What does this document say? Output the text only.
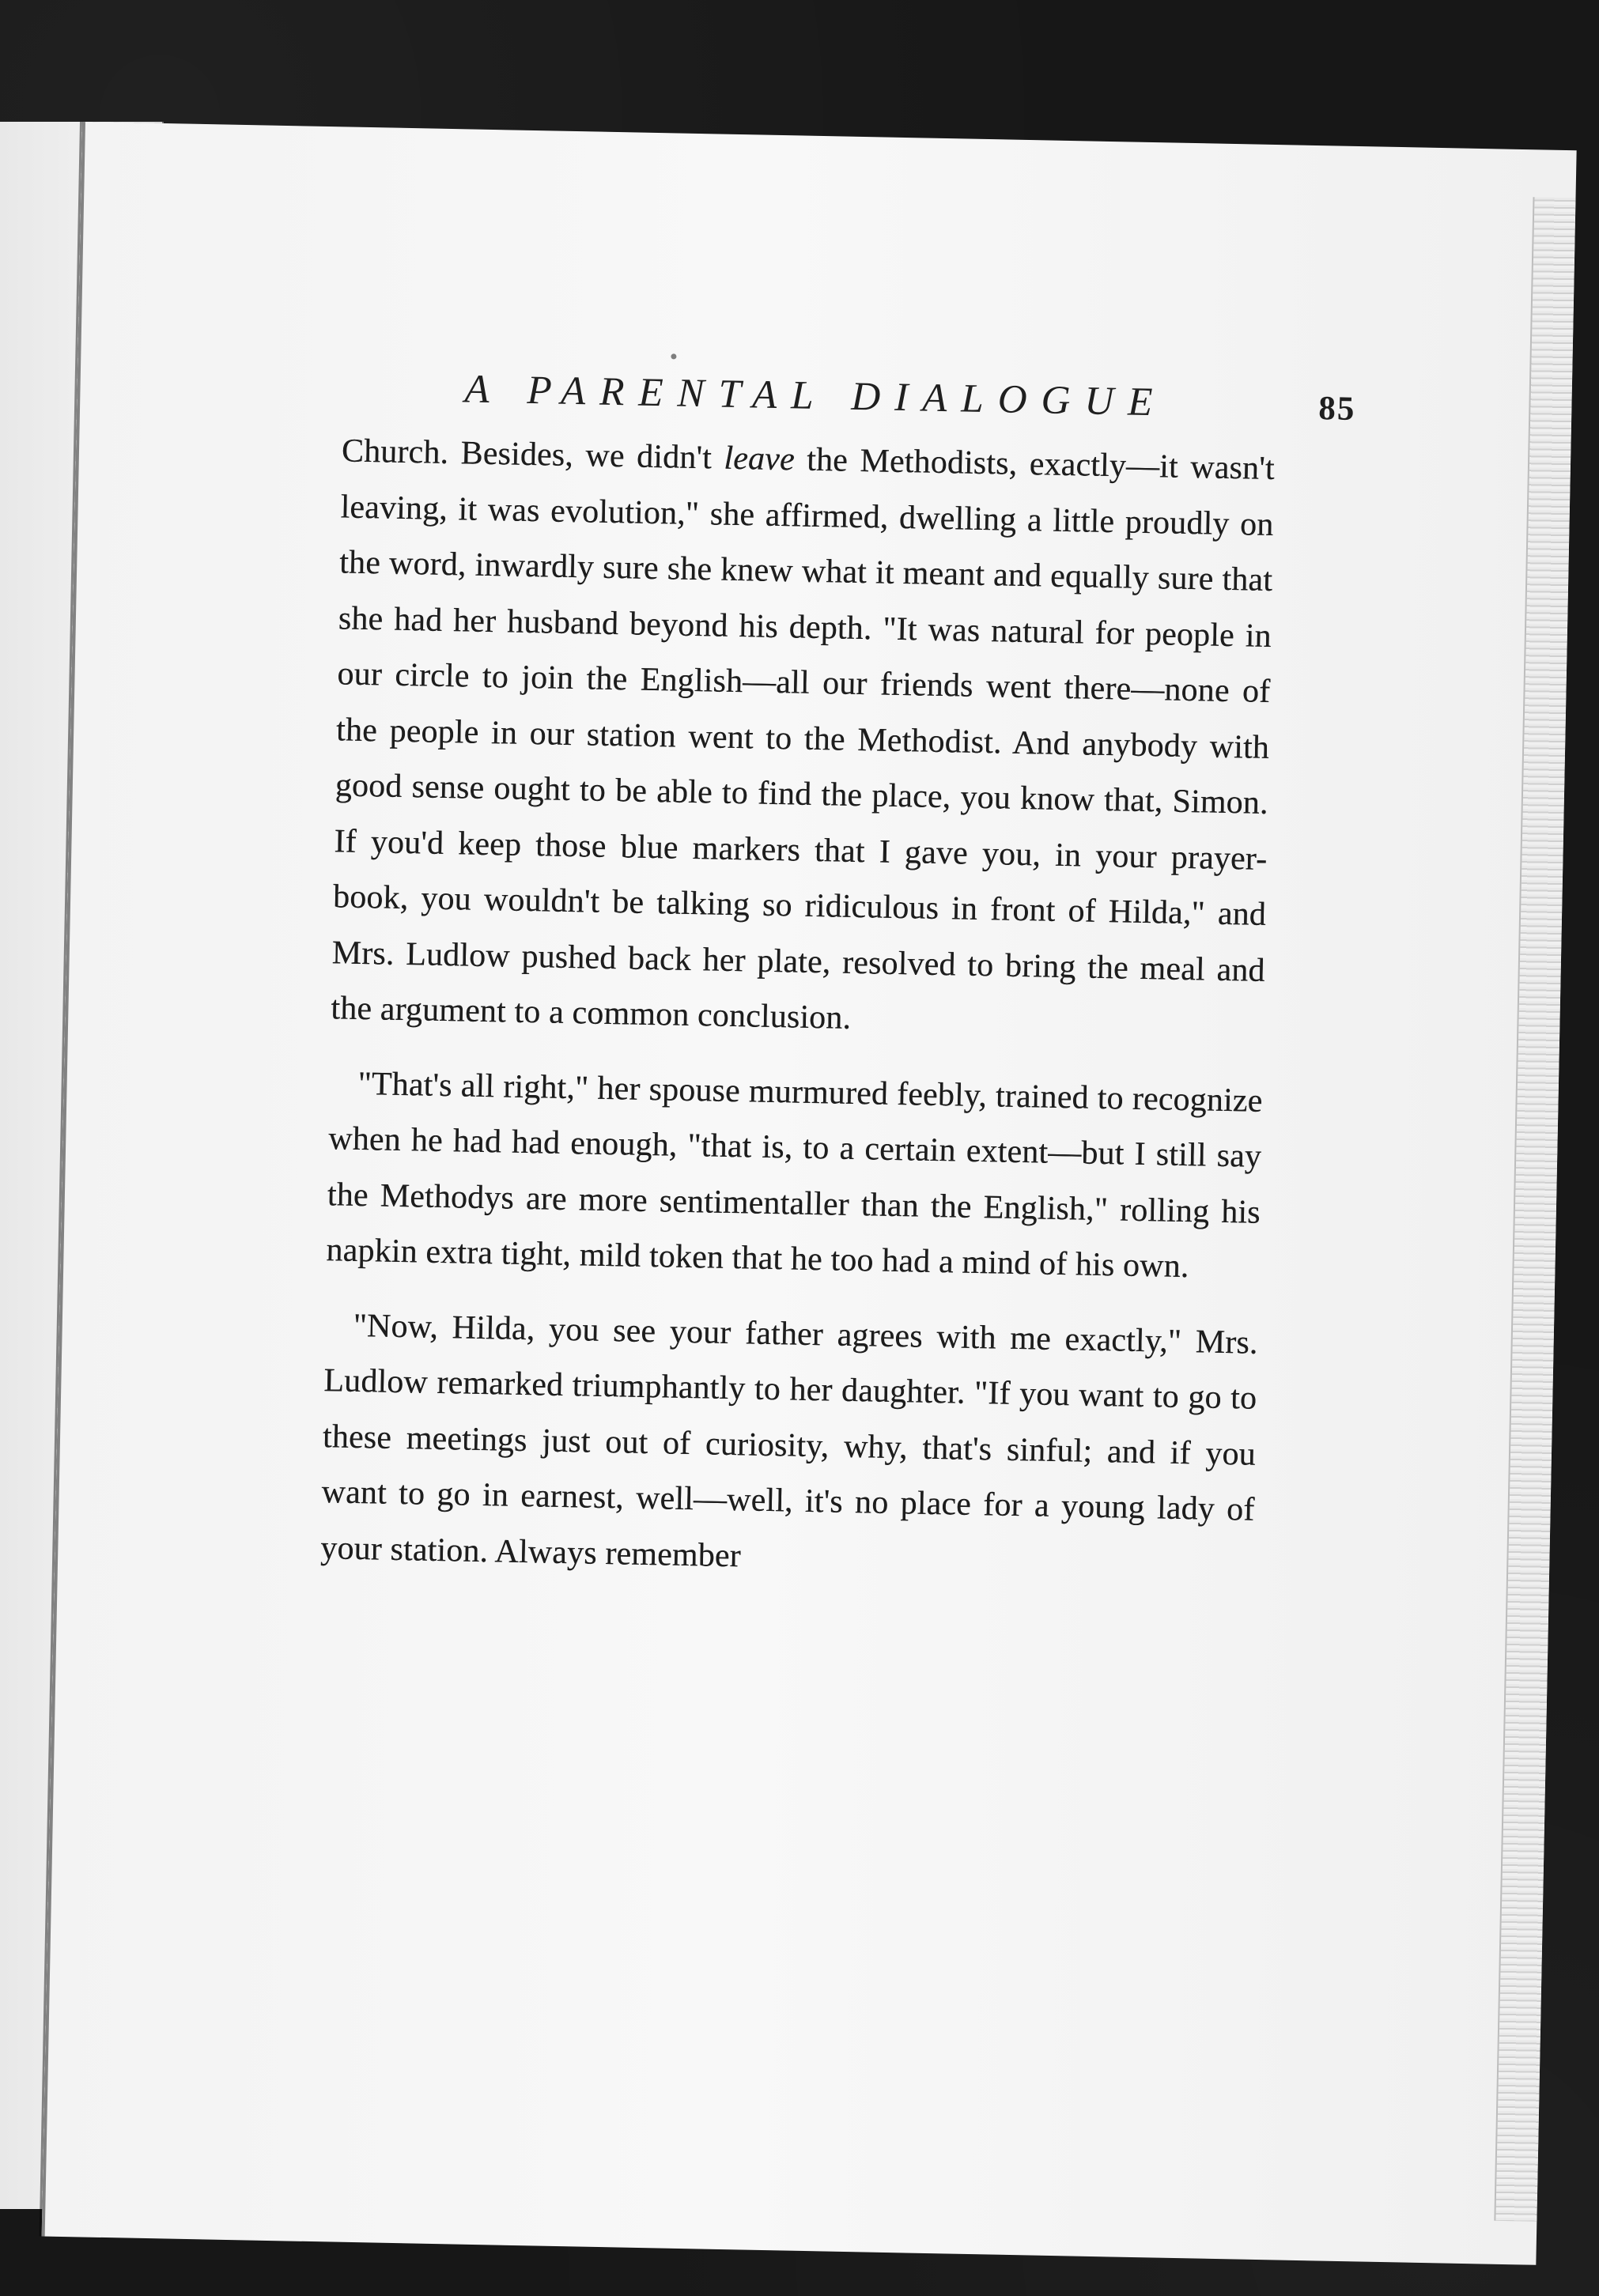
A PARENTAL DIALOGUE	85

Church. Besides, we didn't leave the Methodists, exactly—it wasn't leaving, it was evolution," she affirmed, dwelling a little proudly on the word, inwardly sure she knew what it meant and equally sure that she had her husband beyond his depth. "It was natural for people in our circle to join the English—all our friends went there—none of the people in our station went to the Methodist. And anybody with good sense ought to be able to find the place, you know that, Simon. If you'd keep those blue markers that I gave you, in your prayer-book, you wouldn't be talking so ridiculous in front of Hilda," and Mrs. Ludlow pushed back her plate, resolved to bring the meal and the argument to a common conclusion.

"That's all right," her spouse murmured feebly, trained to recognize when he had had enough, "that is, to a certain extent—but I still say the Methodys are more sentimentaller than the English," rolling his napkin extra tight, mild token that he too had a mind of his own.

"Now, Hilda, you see your father agrees with me exactly," Mrs. Ludlow remarked triumphantly to her daughter. "If you want to go to these meetings just out of curiosity, why, that's sinful; and if you want to go in earnest, well—well, it's no place for a young lady of your station. Always remember
